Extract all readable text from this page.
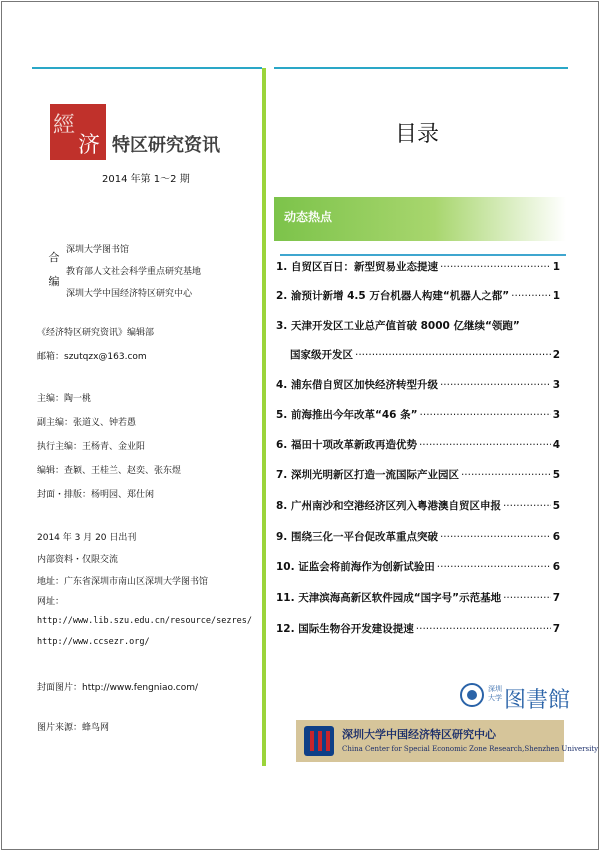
經
济 特区研究资讯
2014 年第 1～2 期
合
编
深圳大学图书馆
教育部人文社会科学重点研究基地
深圳大学中国经济特区研究中心
《经济特区研究资讯》编辑部
邮箱：szutqzx@163.com
主编：陶一桃
副主编：张道义、钟若愚
执行主编：王杨青、金业阳
编辑：查颖、王桂兰、赵奕、张东煜
封面・排版：杨明园、郑仕闲
2014 年 3 月 20 日出刊
内部资料・仅限交流
地址：广东省深圳市南山区深圳大学图书馆
网址：
http://www.lib.szu.edu.cn/resource/sezres/
http://www.ccsezr.org/
封面图片：http://www.fengniao.com/
图片来源：蜂鸟网
目录
动态热点
1.
自贸区百日：新型贸易业态提速 ·····	1
2.
渝预计新增 4.5 万台机器人构建“机器人之都” ·····	1
3.
天津开发区工业总产值首破 8000 亿继续“领跑”
国家级开发区 ·····	2
4.
浦东借自贸区加快经济转型升级 ·····	3
5.
前海推出今年改革“46 条” ·····	3
6.
福田十项改革新政再造优势 ·····	4
7.
深圳光明新区打造一流国际产业园区 ·····	5
8.
广州南沙和空港经济区列入粤港澳自贸区申报 ·····	5
9.
围绕三化一平台促改革重点突破 ·····	6
10.
证监会将前海作为创新试验田 ·····	6
11.
天津滨海高新区软件园成“国字号”示范基地 ·····	7
12.
国际生物谷开发建设提速 ·····	7
深圳大学 图書館
深圳大学中国经济特区研究中心
China Center for Special Economic Zone Research,Shenzhen University
